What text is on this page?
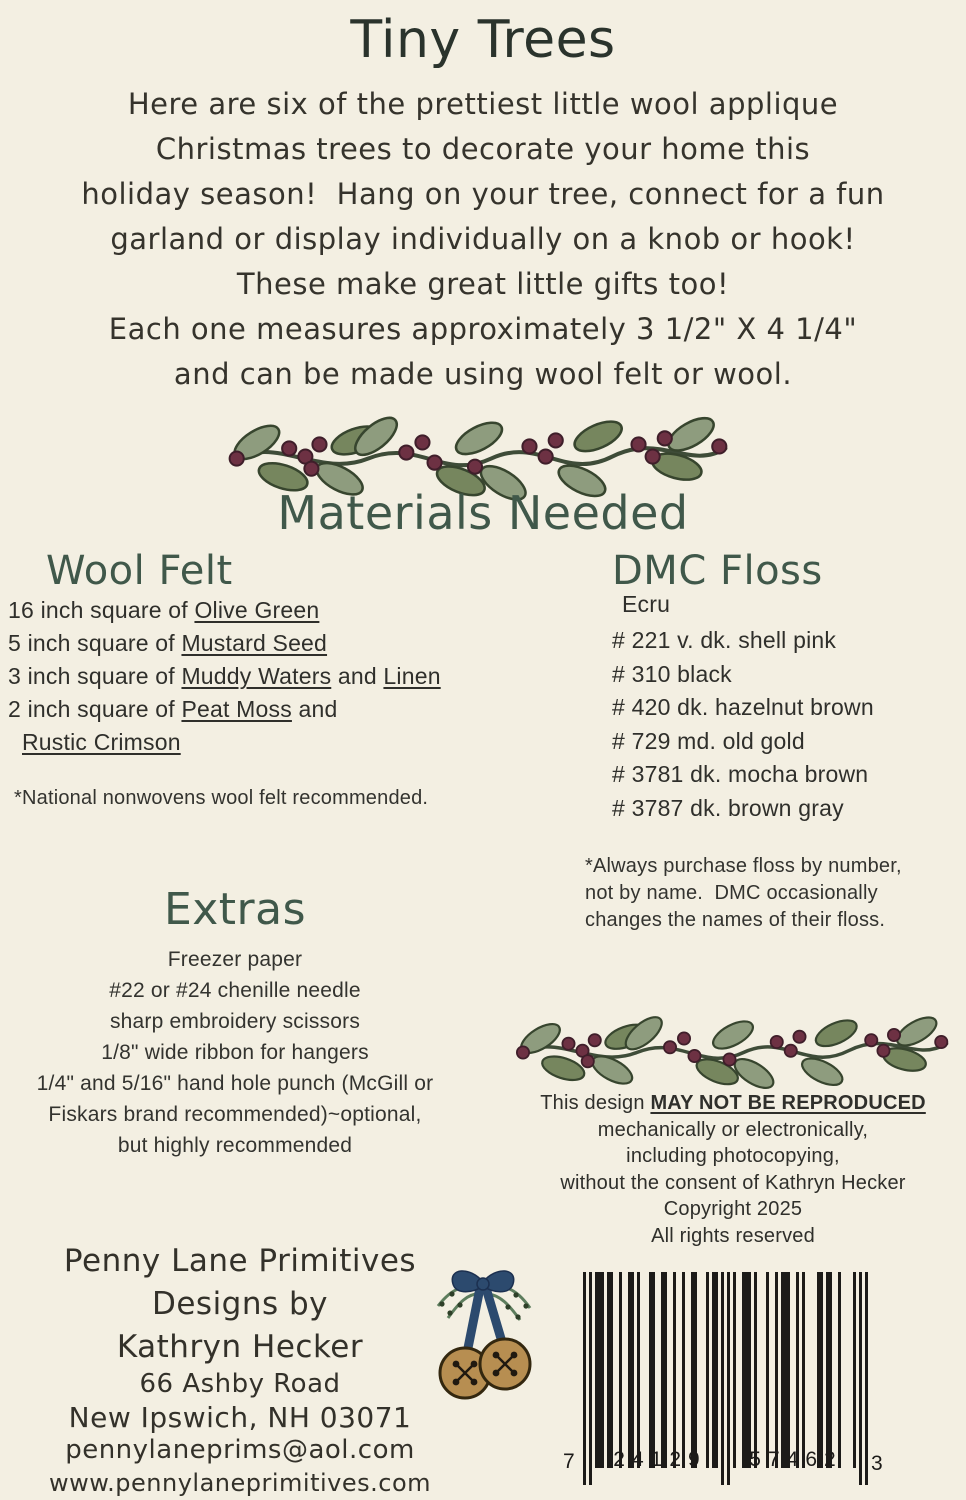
Tiny Trees
Here are six of the prettiest little wool applique
Christmas trees to decorate your home this
holiday season!  Hang on your tree, connect for a fun
garland or display individually on a knob or hook!
These make great little gifts too!
Each one measures approximately 3 1/2" X 4 1/4"
and can be made using wool felt or wool.
Materials Needed
Wool Felt
16 inch square of Olive Green
5 inch square of Mustard Seed
3 inch square of Muddy Waters and Linen
2 inch square of Peat Moss and
Rustic Crimson
*National nonwovens wool felt recommended.
DMC Floss
Ecru
# 221 v. dk. shell pink
# 310 black
# 420 dk. hazelnut brown
# 729 md. old gold
# 3781 dk. mocha brown
# 3787 dk. brown gray
*Always purchase floss by number,
not by name.  DMC occasionally
changes the names of their floss.
Extras
Freezer paper
#22 or #24 chenille needle
sharp embroidery scissors
1/8" wide ribbon for hangers
1/4" and 5/16" hand hole punch (McGill or
Fiskars brand recommended)~optional,
but highly recommended
This design MAY NOT BE REPRODUCED
mechanically or electronically,
including photocopying,
without the consent of Kathryn Hecker
Copyright 2025
All rights reserved
Penny Lane Primitives
Designs by
Kathryn Hecker
66 Ashby Road
New Ipswich, NH 03071
pennylaneprims@aol.com
www.pennylaneprimitives.com
7	24129	57462	3
